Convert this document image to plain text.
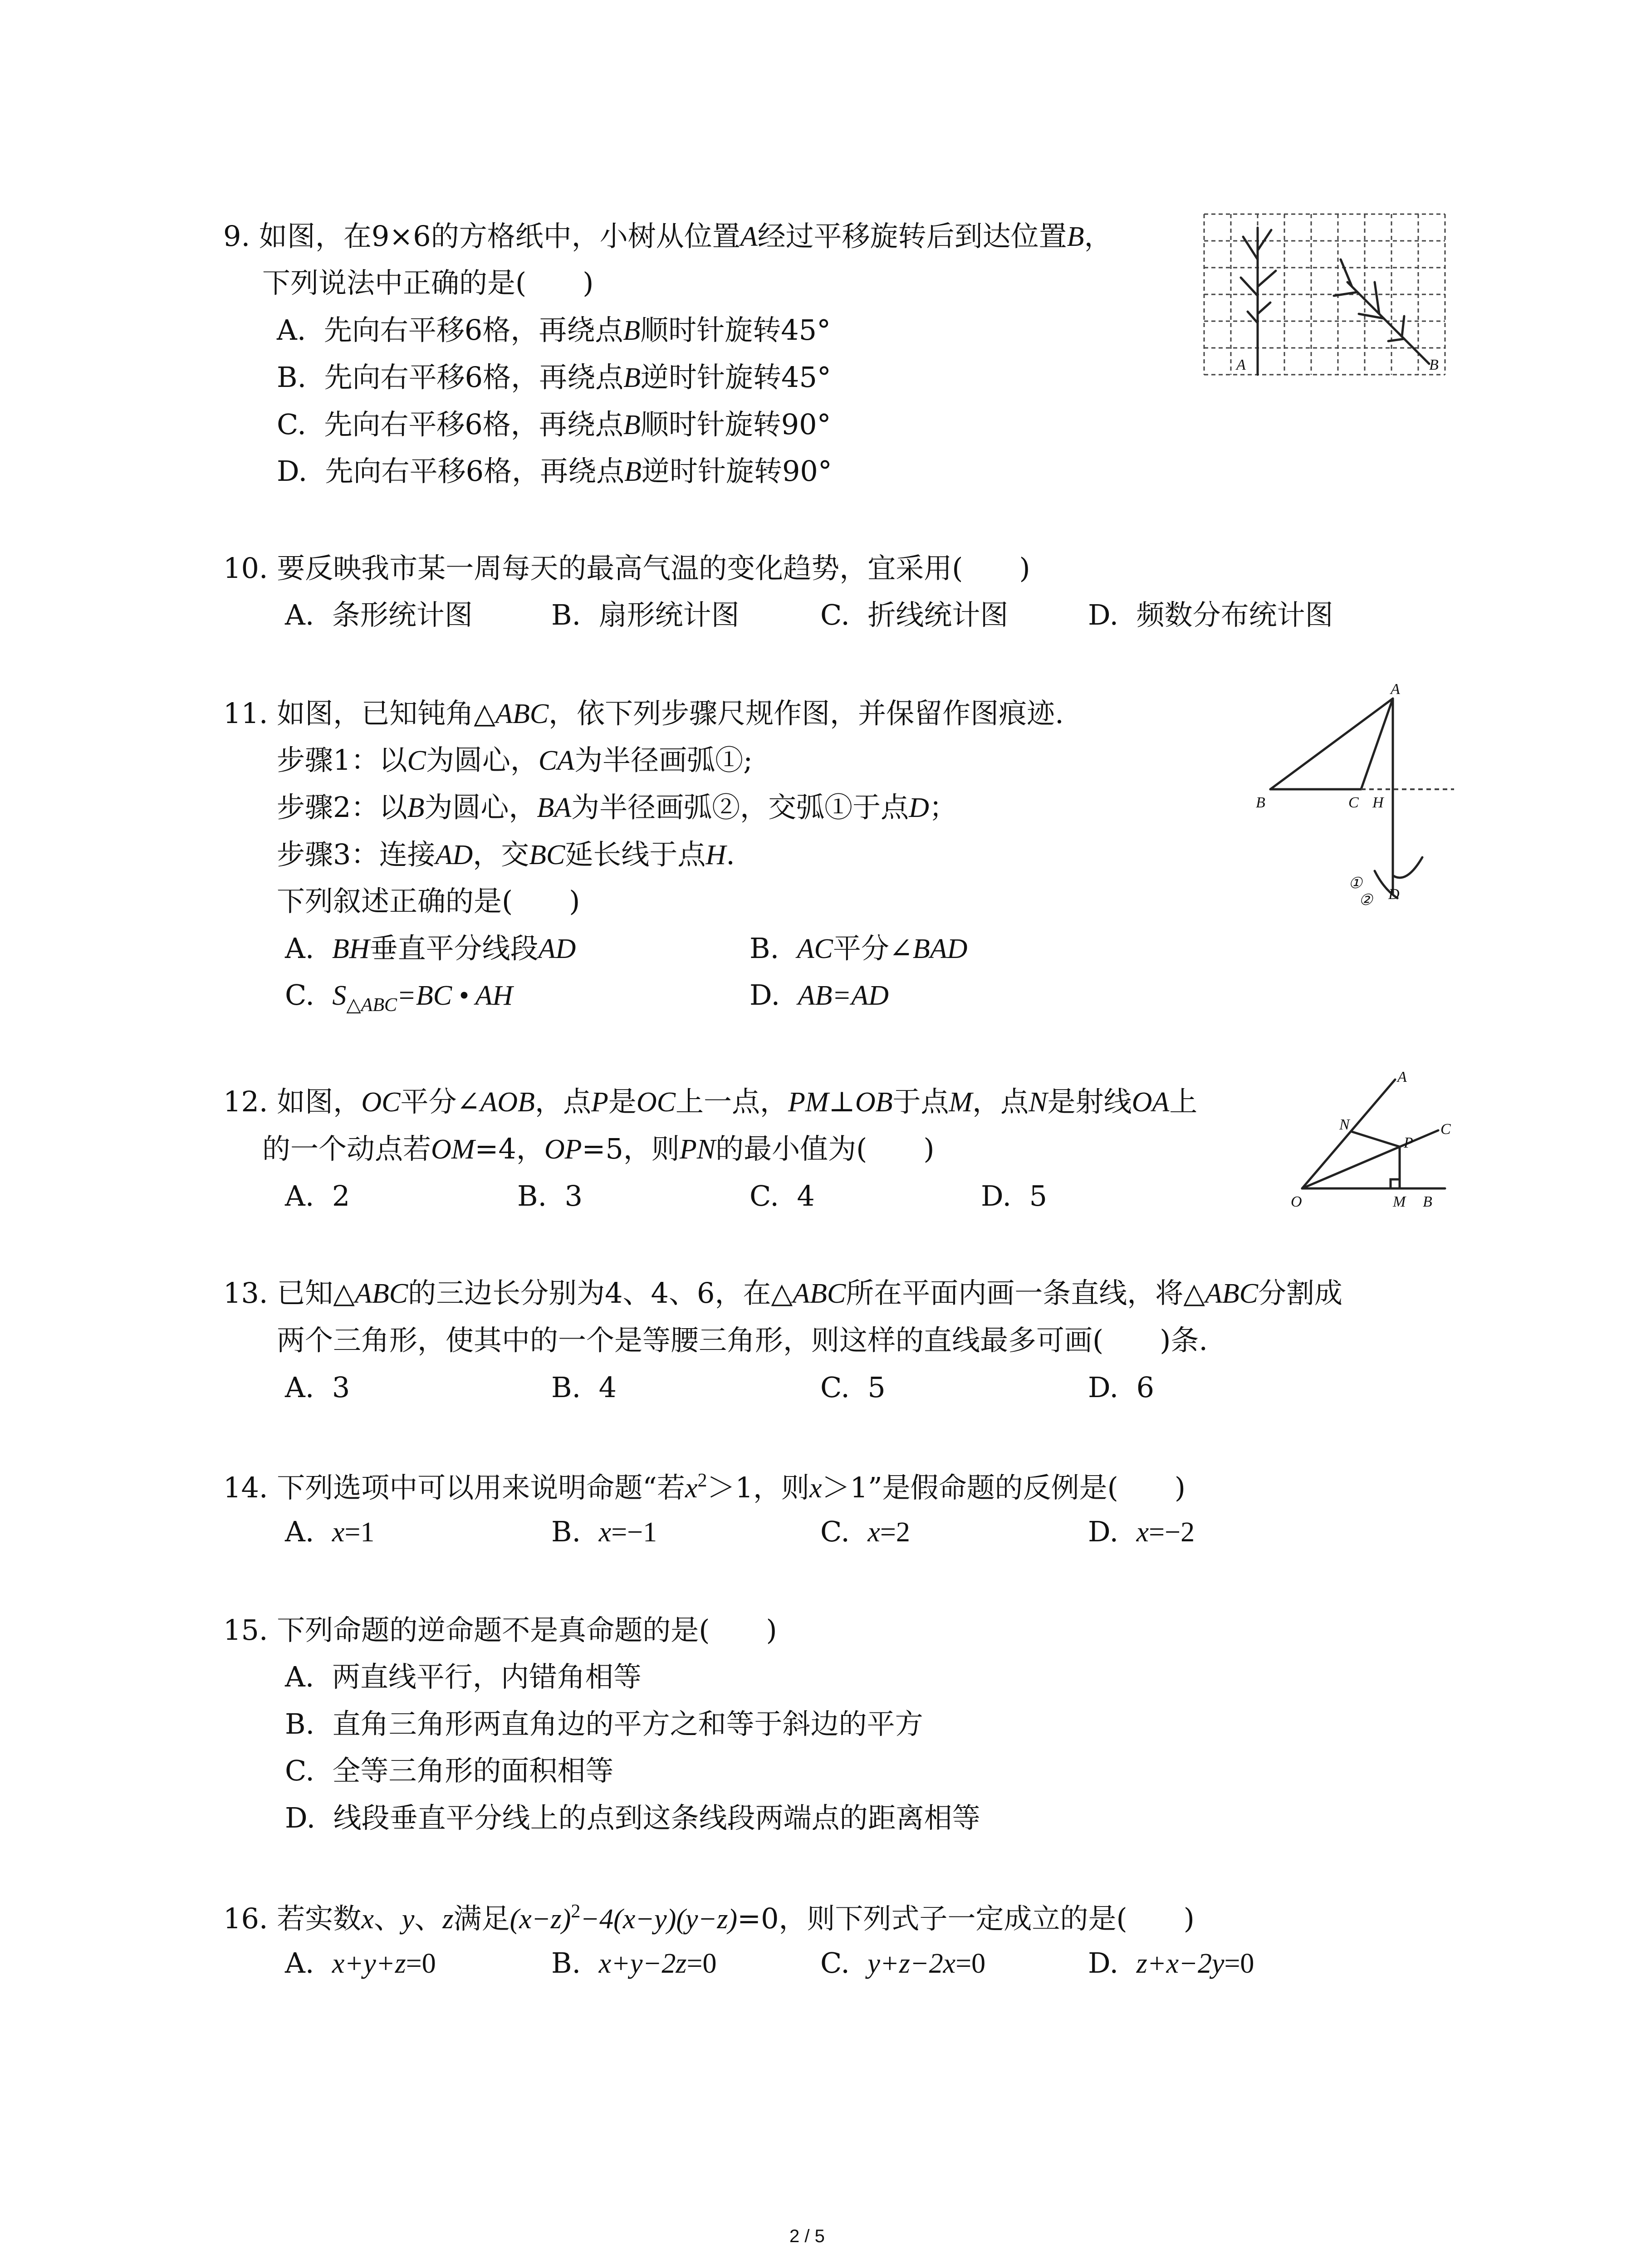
9. 如图，在9×6的方格纸中，小树从位置A经过平移旋转后到达位置B，
下列说法中正确的是(　　)
A.  先向右平移6格，再绕点B顺时针旋转45°
B.  先向右平移6格，再绕点B逆时针旋转45°
C.  先向右平移6格，再绕点B顺时针旋转90°
D.  先向右平移6格，再绕点B逆时针旋转90°
A	B
10. 要反映我市某一周每天的最高气温的变化趋势，宜采用(　　)
A.  条形统计图	B.  扇形统计图	C.  折线统计图	D.  频数分布统计图
11. 如图，已知钝角△ABC，依下列步骤尺规作图，并保留作图痕迹.
步骤1：以C为圆心，CA为半径画弧①;
步骤2：以B为圆心，BA为半径画弧②，交弧①于点D；
步骤3：连接AD，交BC延长线于点H.
下列叙述正确的是(　　)
A.  BH垂直平分线段AD	B.  AC平分∠BAD
C.  $S_{\triangle ABC}=BC$ • AH	D.  AB=AD
A
B	C H
D
①
②
12. 如图，OC平分∠AOB，点P是OC上一点，PM⊥OB于点M，点N是射线OA上
的一个动点若OM=4，OP=5，则PN的最小值为(　　)
A.  2	B.  3	C.  4	D.  5
A
N	C
P
O	M B
13. 已知△ABC的三边长分别为4、4、6，在△ABC所在平面内画一条直线，将△ABC分割成
两个三角形，使其中的一个是等腰三角形，则这样的直线最多可画(　　)条.
A.  3	B.  4	C.  5	D.  6
14. 下列选项中可以用来说明命题“若$x^2>1$，则x＞1”是假命题的反例是(　　)
A.  x=1	B.  x=−1	C.  x=2	D.  x=−2
15. 下列命题的逆命题不是真命题的是(　　)
A.  两直线平行，内错角相等
B.  直角三角形两直角边的平方之和等于斜边的平方
C.  全等三角形的面积相等
D.  线段垂直平分线上的点到这条线段两端点的距离相等
16. 若实数x、y、z满足$(x-z)^2-4(x-y)(y-z)=0$，则下列式子一定成立的是(　　)
A.  x+y+z=0	B.  x+y−2z=0	C.  y+z−2x=0	D.  z+x−2y=0
2 / 5
